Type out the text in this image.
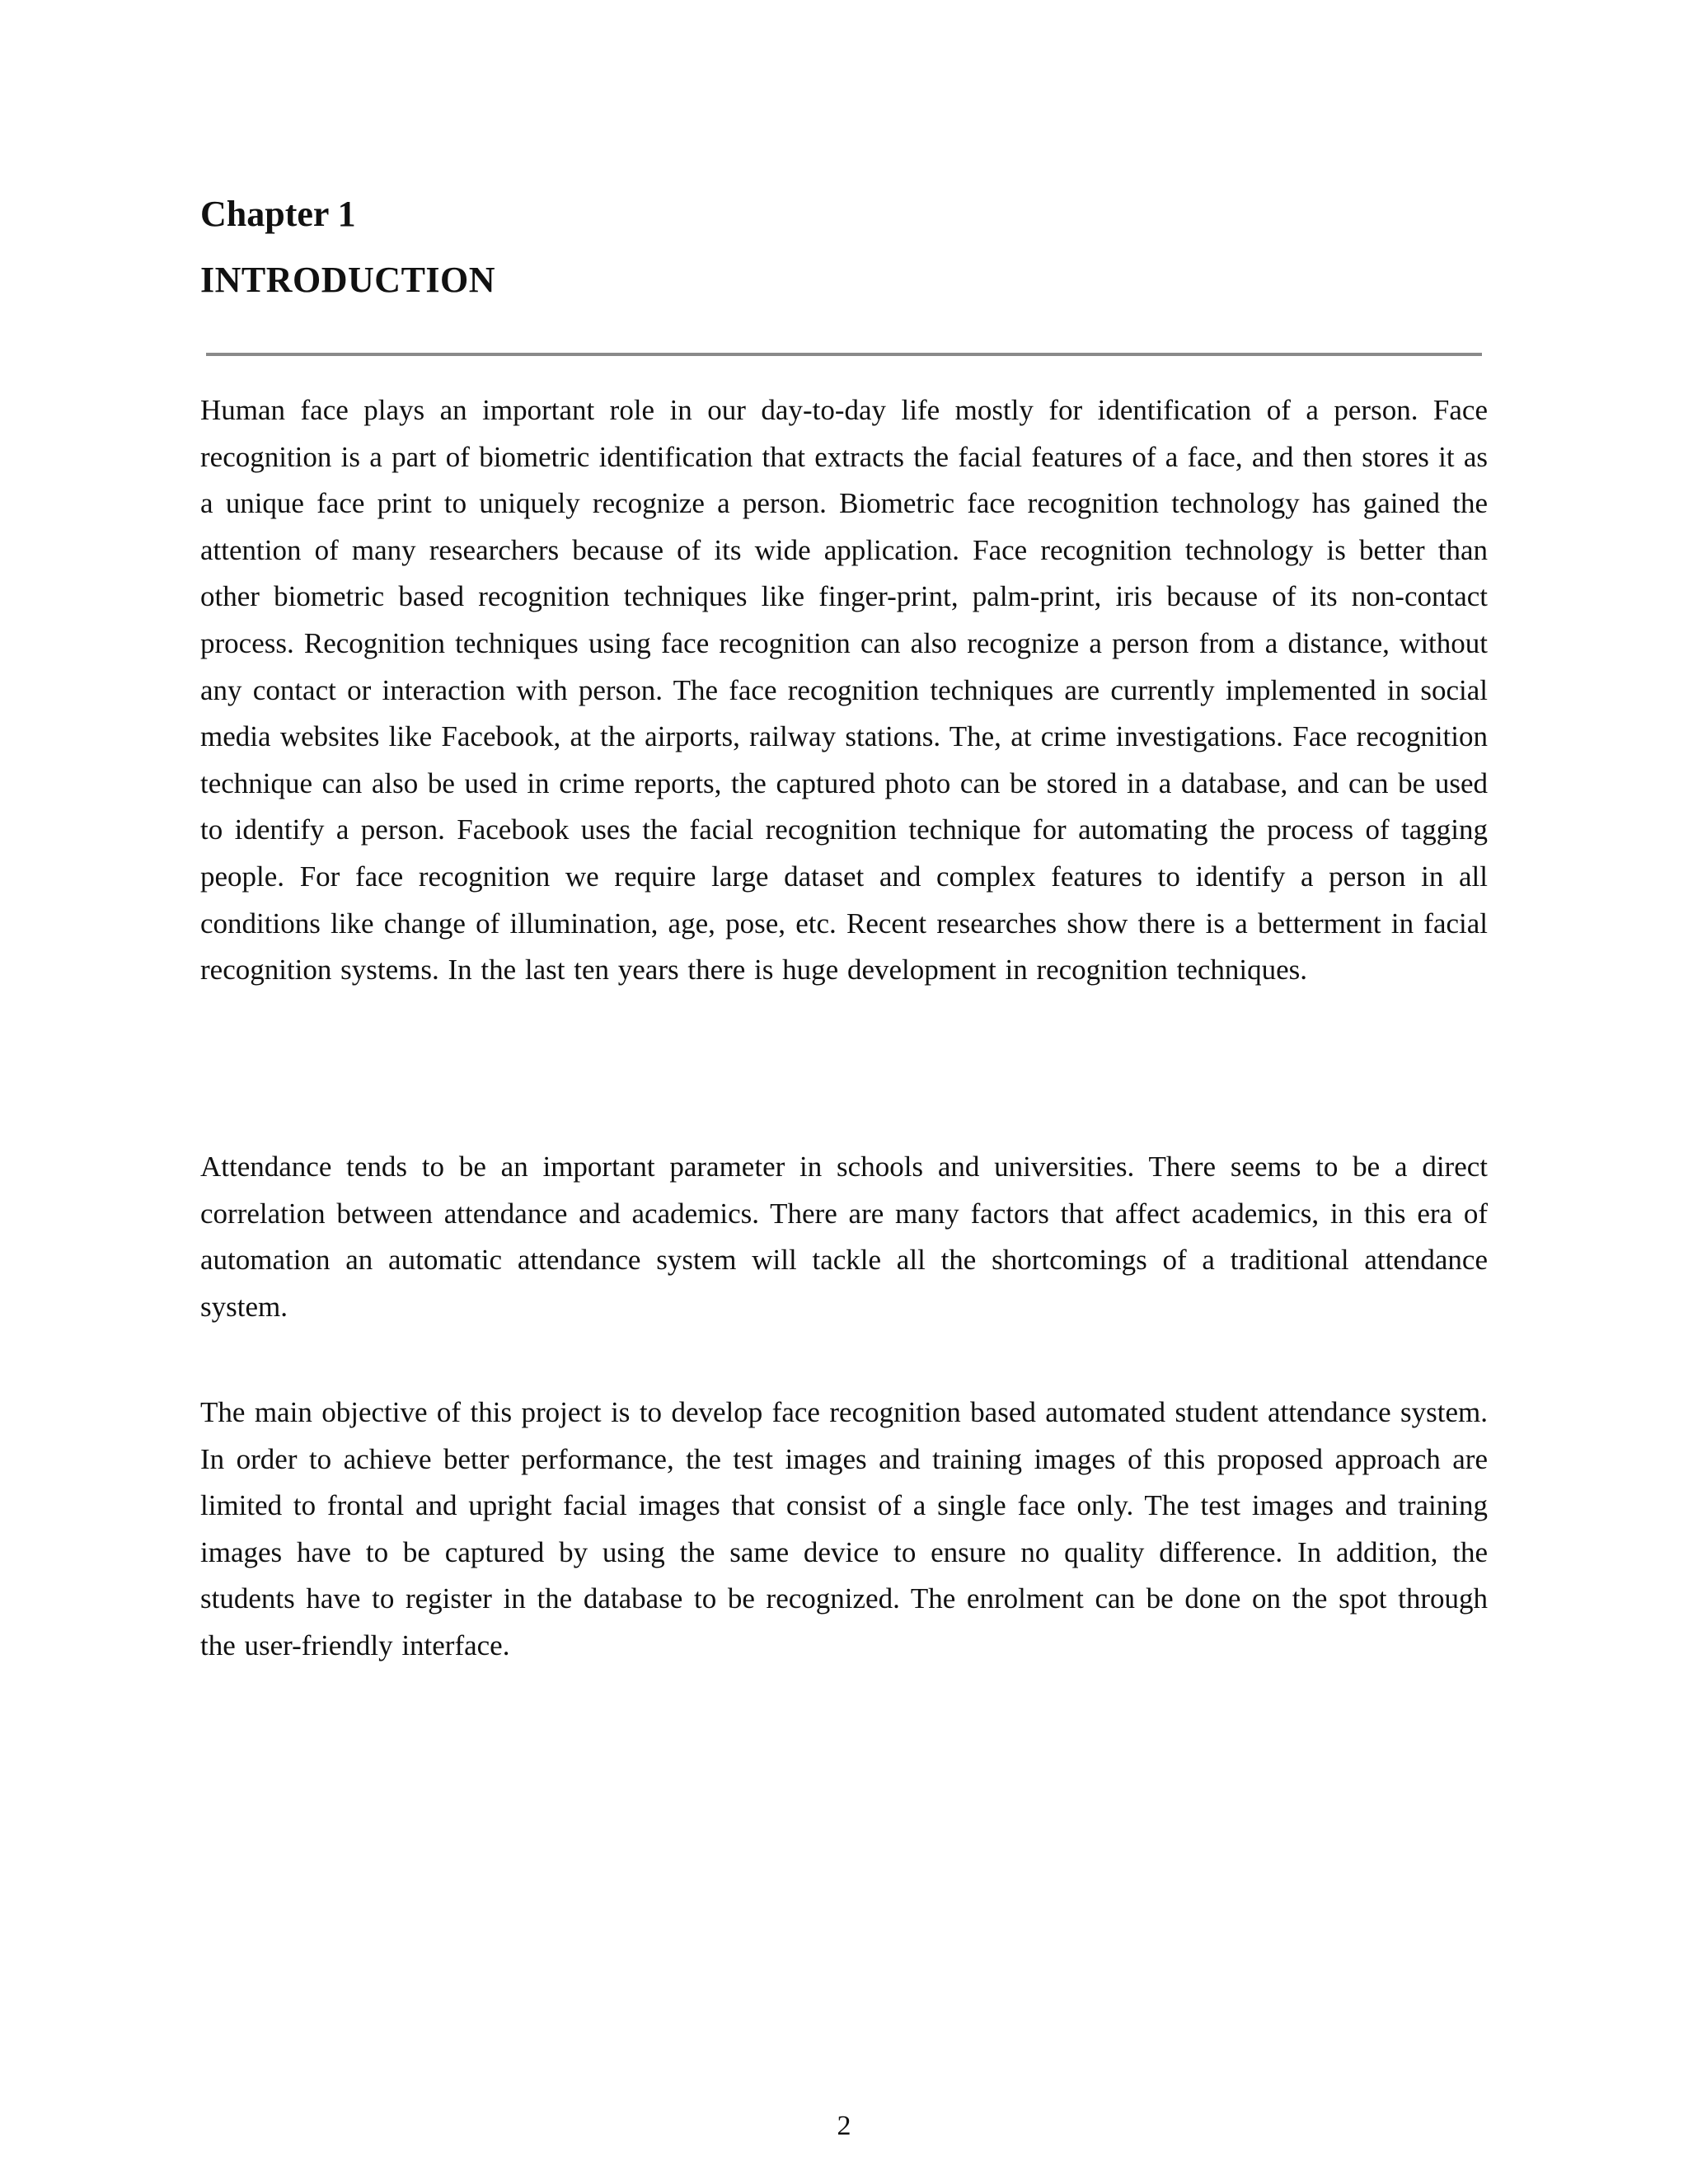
Chapter 1
INTRODUCTION

Human face plays an important role in our day-to-day life mostly for identification of a person. Face recognition is a part of biometric identification that extracts the facial features of a face, and then stores it as a unique face print to uniquely recognize a person. Biometric face recognition technology has gained the attention of many researchers because of its wide application. Face recognition technology is better than other biometric based recognition techniques like finger-print, palm-print, iris because of its non-contact process. Recognition techniques using face recognition can also recognize a person from a distance, without any contact or interaction with person. The face recognition techniques are currently implemented in social media websites like Facebook, at the airports, railway stations. The, at crime investigations. Face recognition technique can also be used in crime reports, the captured photo can be stored in a database, and can be used to identify a person. Facebook uses the facial recognition technique for automating the process of tagging people. For face recognition we require large dataset and complex features to identify a person in all conditions like change of illumination, age, pose, etc. Recent researches show there is a betterment in facial recognition systems. In the last ten years there is huge development in recognition techniques.

Attendance tends to be an important parameter in schools and universities. There seems to be a direct correlation between attendance and academics. There are many factors that affect academics, in this era of automation an automatic attendance system will tackle all the shortcomings of a traditional attendance system.

The main objective of this project is to develop face recognition based automated student attendance system. In order to achieve better performance, the test images and training images of this proposed approach are limited to frontal and upright facial images that consist of a single face only. The test images and training images have to be captured by using the same device to ensure no quality difference. In addition, the students have to register in the database to be recognized. The enrolment can be done on the spot through the user-friendly interface.

2
